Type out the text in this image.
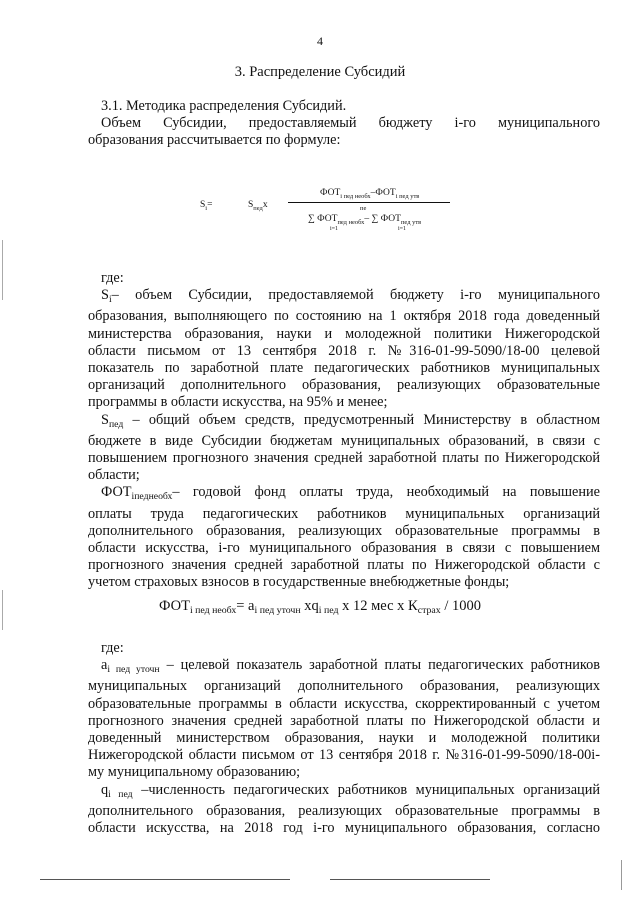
4
3. Распределение Субсидий
3.1. Методика распределения Субсидий.
Объем Субсидии, предоставляемый бюджету i-го муниципального
образования рассчитывается по формуле:
$S_i=$	$S_{пед}x$
$ФОТ_{i пед необх}-ФОТ_{i пед утв}$
пе
∑ $ФОТ_{пед необх}-$ ∑ $ФОТ_{пед утв}$
i=1	i=1
где:
$S_i-$ объем Субсидии, предоставляемой бюджету i-го муниципального
образования, выполняющего по состоянию на 1 октября 2018 года доведенный
министерства образования, науки и молодежной политики Нижегородской
области письмом от 13 сентября 2018 г. №316-01-99-5090/18-00 целевой
показатель по заработной плате педагогических работников муниципальных
организаций дополнительного образования, реализующих образовательные
программы в области искусства, на 95% и менее;
$S_{пед}$ – общий объем средств, предусмотренный Министерству в областном
бюджете в виде Субсидии бюджетам муниципальных образований, в связи с
повышением прогнозного значения средней заработной платы по Нижегородской
области;
$ФОТ_{iпеднеобх}-$ годовой фонд оплаты труда, необходимый на повышение
оплаты труда педагогических работников муниципальных организаций
дополнительного образования, реализующих образовательные программы в
области искусства, i-го муниципального образования в связи с повышением
прогнозного значения средней заработной платы по Нижегородской области с
учетом страховых взносов в государственные внебюджетные фонды;
$ФОТ_{i пед необх}= a_{i пед уточн}$ $xq_{i пед}$ x 12 мес х $К_{страх} / 1000$
где:
$a_{i пед уточн}$ – целевой показатель заработной платы педагогических работников
муниципальных организаций дополнительного образования, реализующих
образовательные программы в области искусства, скорректированный с учетом
прогнозного значения средней заработной платы по Нижегородской области и
доведенный министерством образования, науки и молодежной политики
Нижегородской области письмом от 13 сентября 2018 г. №316-01-99-5090/18-00i-
му муниципальному образованию;
$q_{i пед}$ –численность педагогических работников муниципальных организаций
дополнительного образования, реализующих образовательные программы в
области искусства, на 2018 год i-го муниципального образования, согласно
